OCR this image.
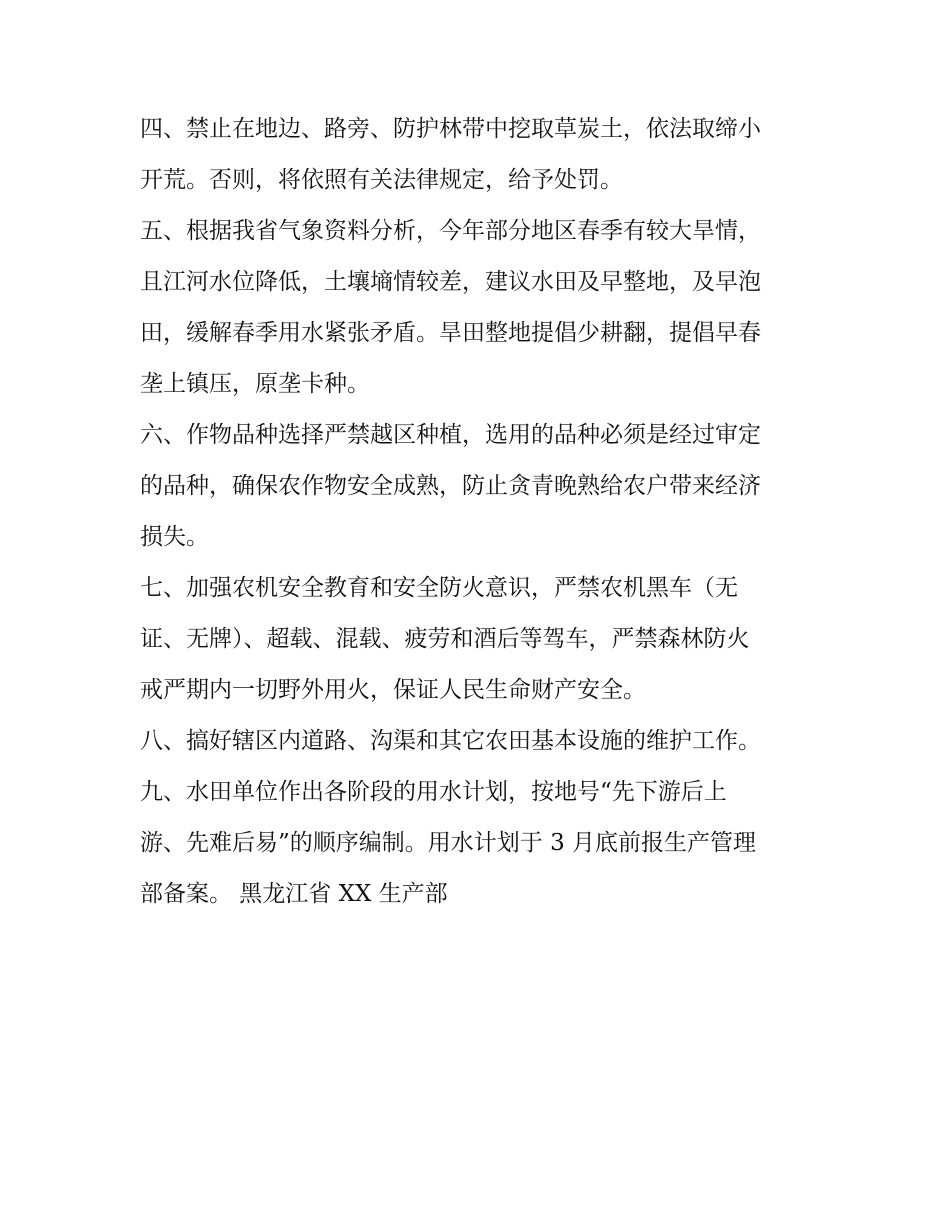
四、禁止在地边、路旁、防护林带中挖取草炭土，依法取缔小
开荒。否则，将依照有关法律规定，给予处罚。

五、根据我省气象资料分析，今年部分地区春季有较大旱情，
且江河水位降低，土壤墒情较差，建议水田及早整地，及早泡
田，缓解春季用水紧张矛盾。旱田整地提倡少耕翻，提倡早春
垄上镇压，原垄卡种。

六、作物品种选择严禁越区种植，选用的品种必须是经过审定
的品种，确保农作物安全成熟，防止贪青晚熟给农户带来经济
损失。

七、加强农机安全教育和安全防火意识，严禁农机黑车（无
证、无牌）、超载、混载、疲劳和酒后等驾车，严禁森林防火
戒严期内一切野外用火，保证人民生命财产安全。

八、搞好辖区内道路、沟渠和其它农田基本设施的维护工作。

九、水田单位作出各阶段的用水计划，按地号“先下游后上
游、先难后易”的顺序编制。用水计划于 3 月底前报生产管理
部备案。 黑龙江省 XX 生产部
